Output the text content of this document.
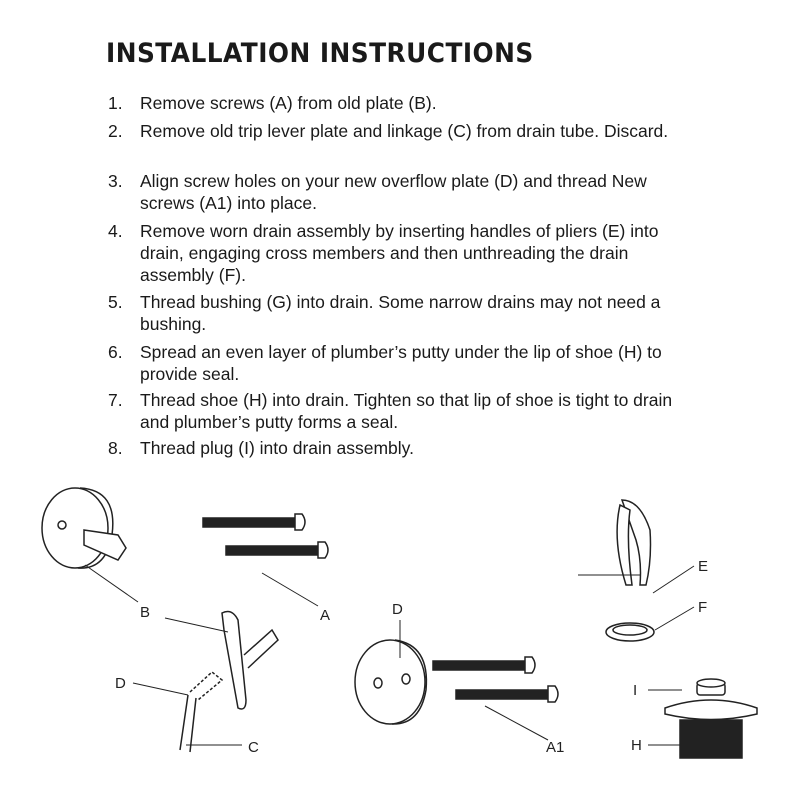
INSTALLATION INSTRUCTIONS
1. Remove screws (A) from old plate (B).
2. Remove old trip lever plate and linkage (C) from drain tube. Discard.
3. Align screw holes on your new overflow plate (D) and thread New screws (A1) into place.
4. Remove worn drain assembly by inserting handles of pliers (E) into drain, engaging cross members and then unthreading the drain assembly (F).
5. Thread bushing (G) into drain. Some narrow drains may not need a bushing.
6. Spread an even layer of plumber’s putty under the lip of shoe (H) to provide seal.
7. Thread shoe (H) into drain. Tighten so that lip of shoe is tight to drain and plumber’s putty forms a seal.
8. Thread plug (I) into drain assembly.
B	A
D
C
D
A1
E
F
I
H
